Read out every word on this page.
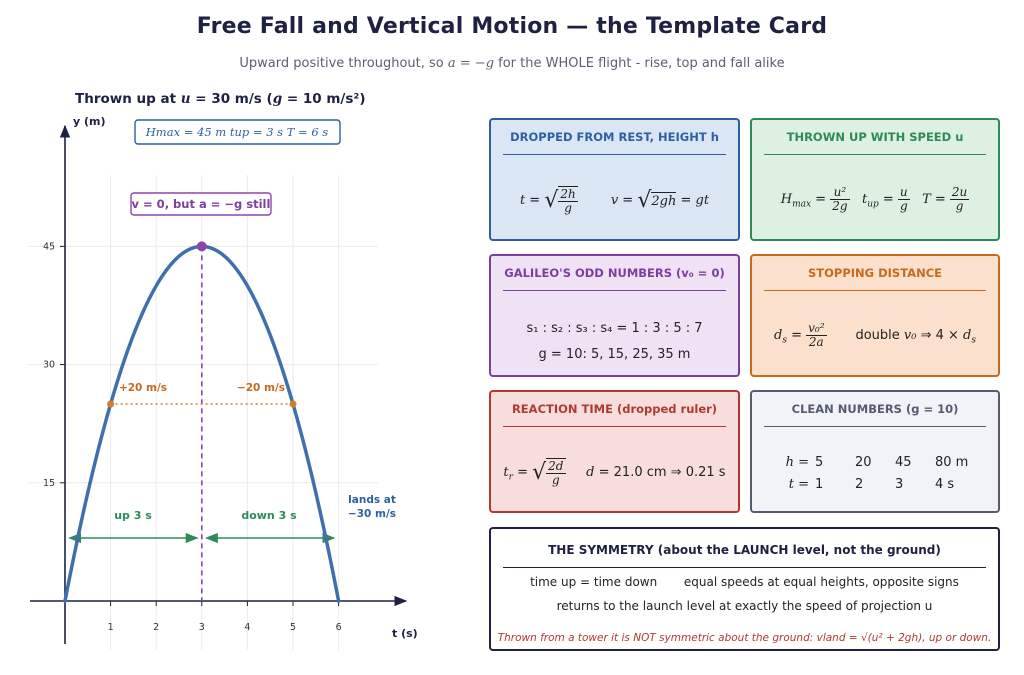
Free Fall and Vertical Motion — the Template Card
Upward positive throughout, so a = −g for the WHOLE flight - rise, top and fall alike
Thrown up at u = 30 m/s (g = 10 m/s²)
y (m)
t (s)
1	2	3	4	5	6
15
30
45
up 3 s	down 3 s
+20 m/s	−20 m/s
lands at
−30 m/s
Hmax = 45 m tup = 3 s T = 6 s
v = 0, but a = −g still
DROPPED FROM REST, HEIGHT h
t = √ $\frac{2h}{g}$	v = √2gh = gt
THROWN UP WITH SPEED u
$H_{max} = \frac{\text{u²}}{2g} t_{up} = \frac{u}{g}$ $T = \frac{2u}{g}$
GALILEO'S ODD NUMBERS (v₀ = 0)
s₁ : s₂ : s₃ : s₄ = 1 : 3 : 5 : 7
g = 10: 5, 15, 25, 35 m
STOPPING DISTANCE
$d_s = \frac{\text{v₀²}}{2a}$ double v₀ ⇒ $4 \times d_s$
REACTION TIME (dropped ruler)
$t_r$ = √ $\frac{2d}{g}$ d = 21.0 cm ⇒ 0.21 s
CLEAN NUMBERS (g = 10)
h = 5 20 45 80 m
t = 1 2 3 4 s
THE SYMMETRY (about the LAUNCH level, not the ground)
time up = time down equal speeds at equal heights, opposite signs
returns to the launch level at exactly the speed of projection u
Thrown from a tower it is NOT symmetric about the ground: vland = √(u² + 2gh), up or down.
